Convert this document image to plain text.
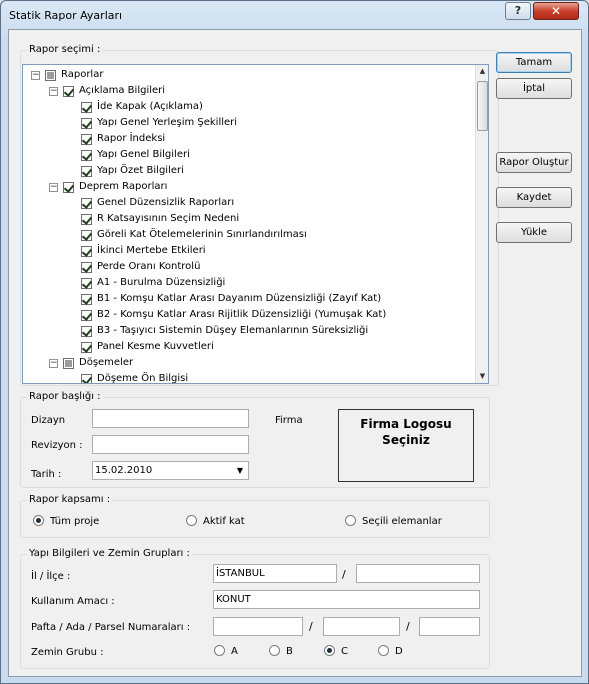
Statik Rapor Ayarları	?	✕
Rapor seçimi :
− Raporlar
− Açıklama Bilgileri
İde Kapak (Açıklama)
Yapı Genel Yerleşim Şekilleri
Rapor İndeksi
Yapı Genel Bilgileri
Yapı Özet Bilgileri
− Deprem Raporları
Genel Düzensizlik Raporları
R Katsayısının Seçim Nedeni
Göreli Kat Ötelemelerinin Sınırlandırılması
İkinci Mertebe Etkileri
Perde Oranı Kontrolü
A1 - Burulma Düzensizliği
B1 - Komşu Katlar Arası Dayanım Düzensizliği (Zayıf Kat)
B2 - Komşu Katlar Arası Rijitlik Düzensizliği (Yumuşak Kat)
B3 - Taşıyıcı Sistemin Düşey Elemanlarının Süreksizliği
Panel Kesme Kuvvetleri
− Döşemeler
Döşeme Ön Bilgisi
▲
▼
Tamam
İptal
Rapor Oluştur
Kaydet
Yükle
Rapor başlığı :
Dizayn
Revizyon :
Tarih :	15.02.2010	▼
Firma	Firma Logosu
Seçiniz
Rapor kapsamı :
Tüm proje	Aktif kat	Seçili elemanlar
Yapı Bilgileri ve Zemin Grupları :
İl / İlçe :	İSTANBUL	/
Kullanım Amacı :	KONUT
Pafta / Ada / Parsel Numaraları :	/	/
Zemin Grubu :	A	B	C	D
